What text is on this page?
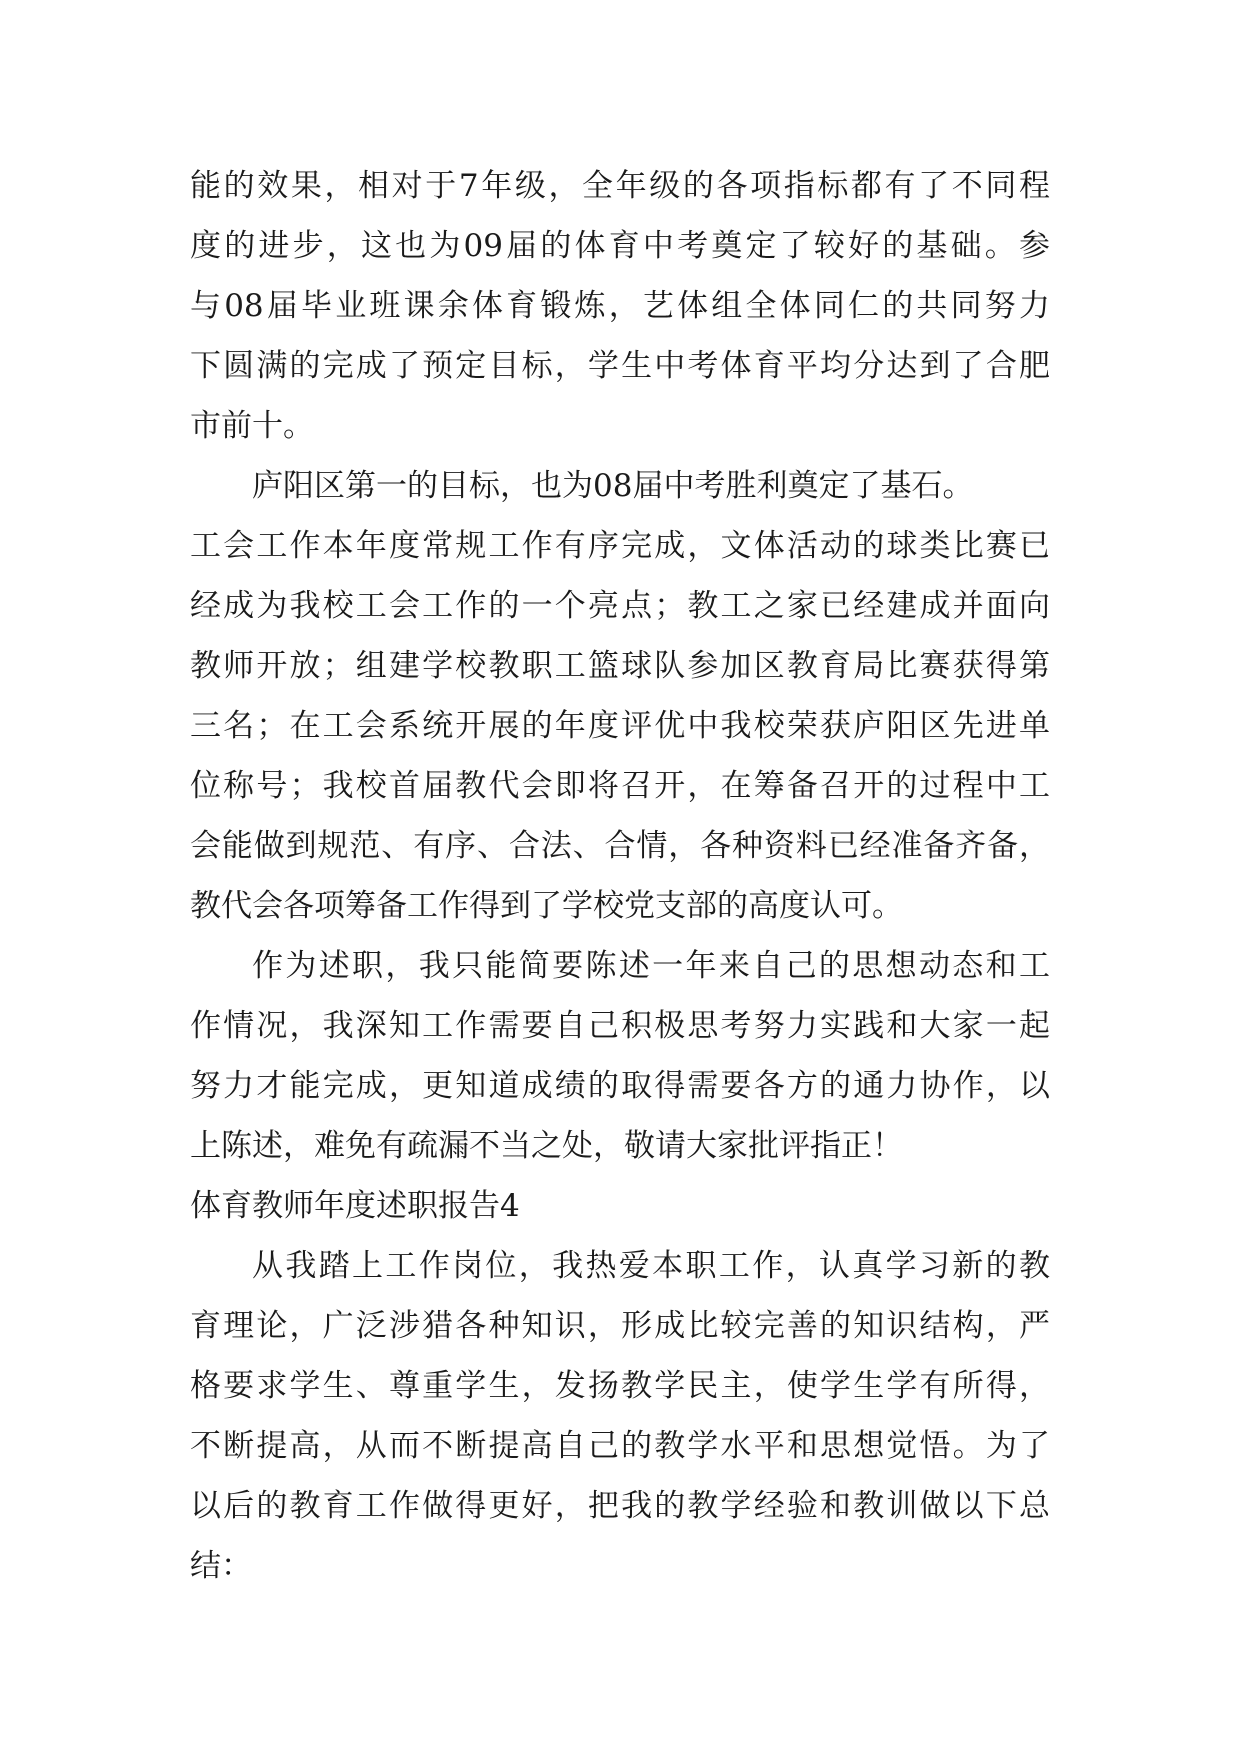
能的效果，相对于7年级，全年级的各项指标都有了不同程
度的进步，这也为09届的体育中考奠定了较好的基础。参
与08届毕业班课余体育锻炼，艺体组全体同仁的共同努力
下圆满的完成了预定目标，学生中考体育平均分达到了合肥
市前十。
庐阳区第一的目标，也为08届中考胜利奠定了基石。
工会工作本年度常规工作有序完成，文体活动的球类比赛已
经成为我校工会工作的一个亮点；教工之家已经建成并面向
教师开放；组建学校教职工篮球队参加区教育局比赛获得第
三名；在工会系统开展的年度评优中我校荣获庐阳区先进单
位称号；我校首届教代会即将召开，在筹备召开的过程中工
会能做到规范、有序、合法、合情，各种资料已经准备齐备，
教代会各项筹备工作得到了学校党支部的高度认可。
作为述职，我只能简要陈述一年来自己的思想动态和工
作情况，我深知工作需要自己积极思考努力实践和大家一起
努力才能完成，更知道成绩的取得需要各方的通力协作，以
上陈述，难免有疏漏不当之处，敬请大家批评指正！
体育教师年度述职报告4
从我踏上工作岗位，我热爱本职工作，认真学习新的教
育理论，广泛涉猎各种知识，形成比较完善的知识结构，严
格要求学生、尊重学生，发扬教学民主，使学生学有所得，
不断提高，从而不断提高自己的教学水平和思想觉悟。为了
以后的教育工作做得更好，把我的教学经验和教训做以下总
结：
